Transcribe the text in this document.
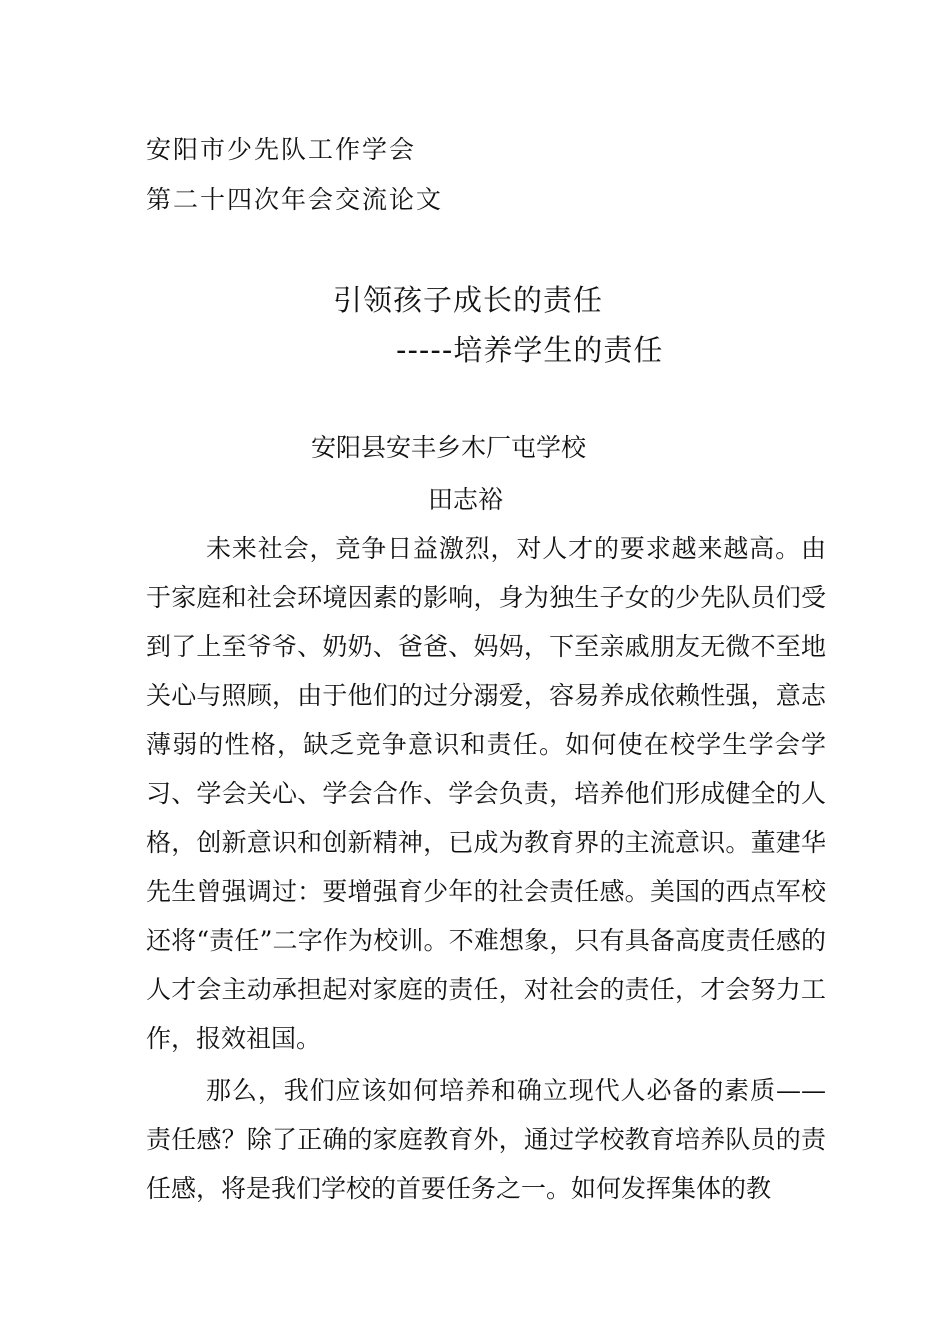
安阳市少先队工作学会
第二十四次年会交流论文
引领孩子成长的责任
-----培养学生的责任
安阳县安丰乡木厂屯学校
田志裕

未来社会，竞争日益激烈，对人才的要求越来越高。由于家庭和社会环境因素的影响，身为独生子女的少先队员们受到了上至爷爷、奶奶、爸爸、妈妈，下至亲戚朋友无微不至地关心与照顾，由于他们的过分溺爱，容易养成依赖性强，意志薄弱的性格，缺乏竞争意识和责任。如何使在校学生学会学习、学会关心、学会合作、学会负责，培养他们形成健全的人格，创新意识和创新精神，已成为教育界的主流意识。董建华先生曾强调过：要增强育少年的社会责任感。美国的西点军校还将“责任”二字作为校训。不难想象，只有具备高度责任感的人才会主动承担起对家庭的责任，对社会的责任，才会努力工作，报效祖国。

那么，我们应该如何培养和确立现代人必备的素质——责任感？除了正确的家庭教育外，通过学校教育培养队员的责任感，将是我们学校的首要任务之一。如何发挥集体的教
